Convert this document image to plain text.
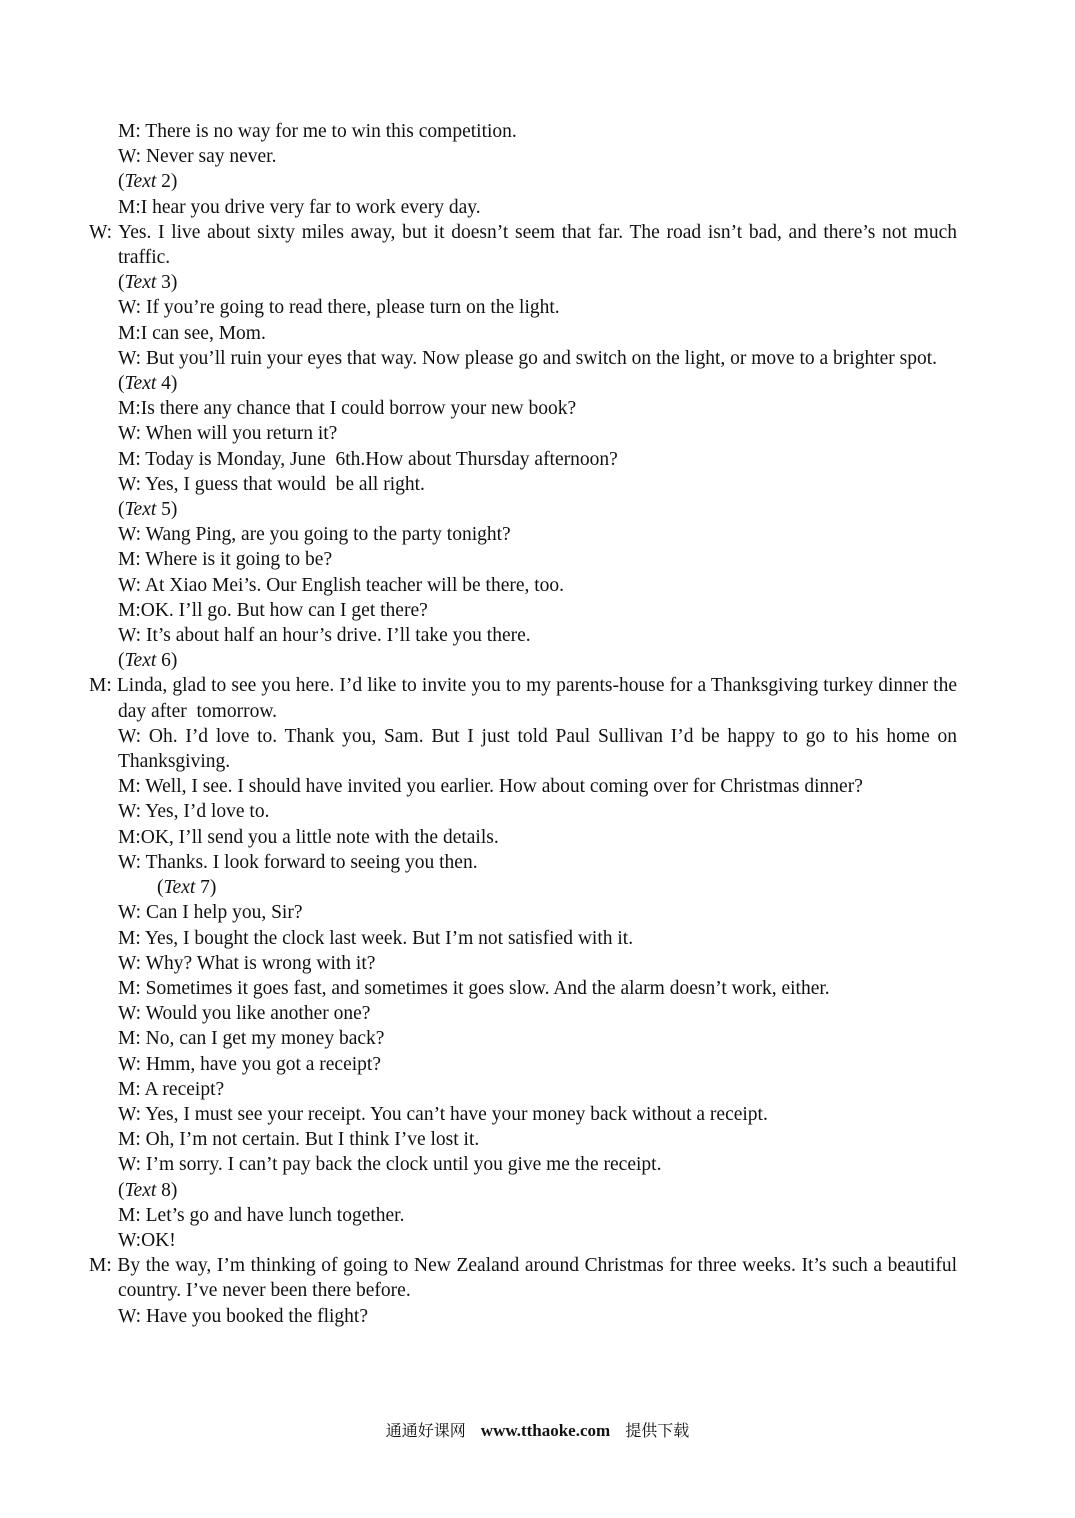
M: There is no way for me to win this competition.
W: Never say never.
(Text 2)
M:I hear you drive very far to work every day.
W: Yes. I live about sixty miles away, but it doesn’t seem that far. The road isn’t bad, and there’s not much traffic.
(Text 3)
W: If you’re going to read there, please turn on the light.
M:I can see, Mom.
W: But you’ll ruin your eyes that way. Now please go and switch on the light, or move to a brighter spot.
(Text 4)
M:Is there any chance that I could borrow your new book?
W: When will you return it?
M: Today is Monday, June  6th.How about Thursday afternoon?
W: Yes, I guess that would  be all right.
(Text 5)
W: Wang Ping, are you going to the party tonight?
M: Where is it going to be?
W: At Xiao Mei’s. Our English teacher will be there, too.
M:OK. I’ll go. But how can I get there?
W: It’s about half an hour’s drive. I’ll take you there.
(Text 6)
M: Linda, glad to see you here. I’d like to invite you to my parents-house for a Thanksgiving turkey dinner the day after  tomorrow.
W: Oh. I’d love to. Thank you, Sam. But I just told Paul Sullivan I’d be happy to go to his home on Thanksgiving.
M: Well, I see. I should have invited you earlier. How about coming over for Christmas dinner?
W: Yes, I’d love to.
M:OK, I’ll send you a little note with the details.
W: Thanks. I look forward to seeing you then.
(Text 7)
W: Can I help you, Sir?
M: Yes, I bought the clock last week. But I’m not satisfied with it.
W: Why? What is wrong with it?
M: Sometimes it goes fast, and sometimes it goes slow. And the alarm doesn’t work, either.
W: Would you like another one?
M: No, can I get my money back?
W: Hmm, have you got a receipt?
M: A receipt?
W: Yes, I must see your receipt. You can’t have your money back without a receipt.
M: Oh, I’m not certain. But I think I’ve lost it.
W: I’m sorry. I can’t pay back the clock until you give me the receipt.
(Text 8)
M: Let’s go and have lunch together.
W:OK!
M: By the way, I’m thinking of going to New Zealand around Christmas for three weeks. It’s such a beautiful country. I’ve never been there before.
W: Have you booked the flight?
通通好课网 www.tthaoke.com 提供下载
